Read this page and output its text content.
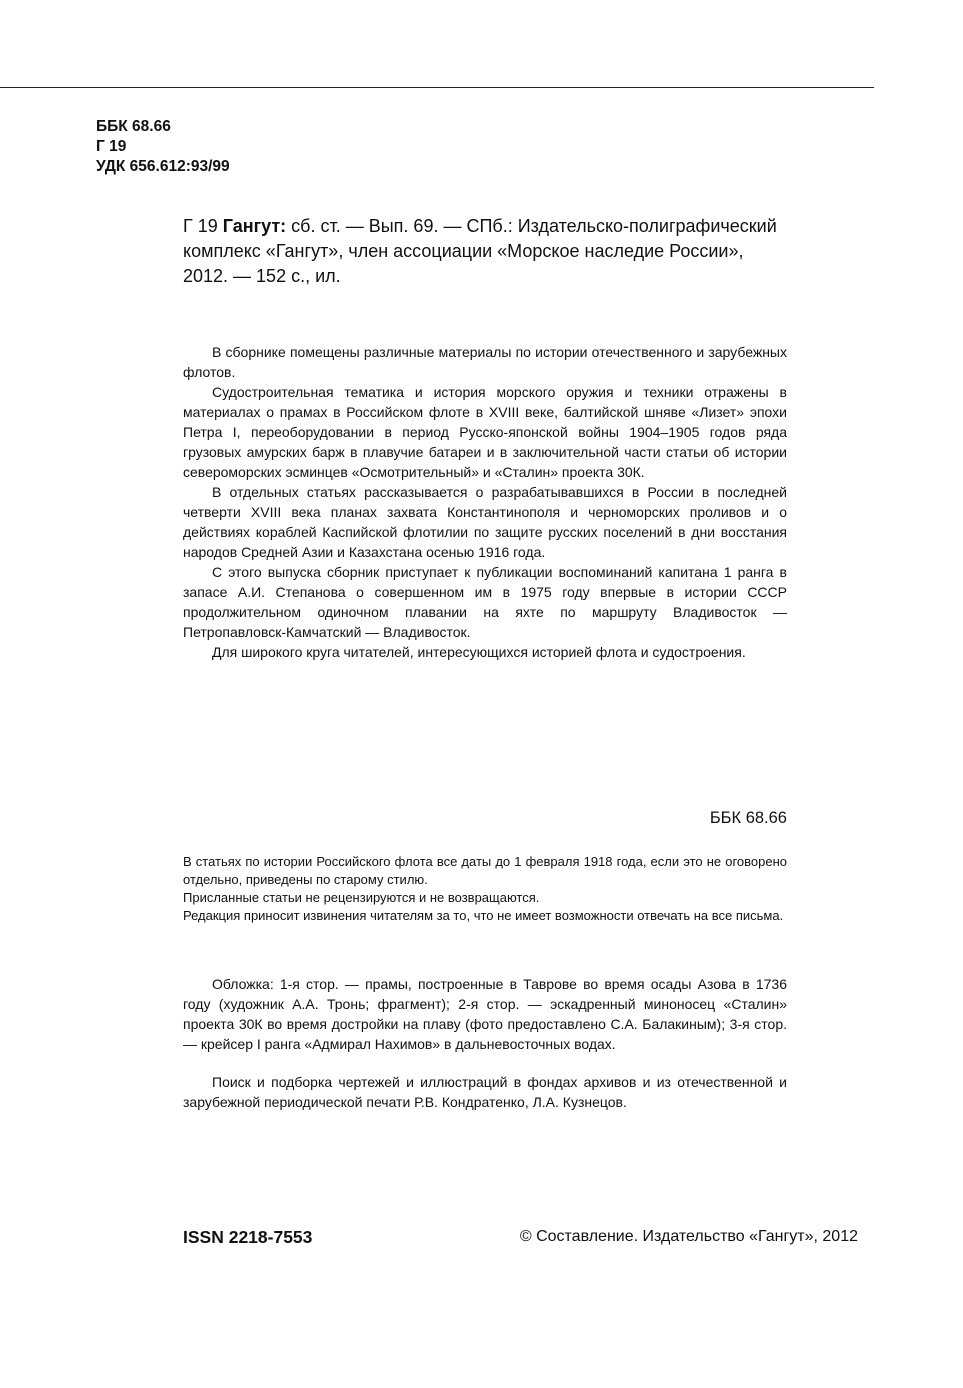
ББК 68.66
Г 19
УДК 656.612:93/99
Г 19 Гангут: сб. ст. — Вып. 69. — СПб.: Издательско-полиграфический комплекс «Гангут», член ассоциации «Морское наследие России», 2012. — 152 с., ил.

В сборнике помещены различные материалы по истории отечественного и зарубежных флотов.

Судостроительная тематика и история морского оружия и техники отражены в материалах о прамах в Российском флоте в XVIII веке, балтийской шняве «Лизет» эпохи Петра I, переоборудовании в период Русско-японской войны 1904–1905 годов ряда грузовых амурских барж в плавучие батареи и в заключительной части статьи об истории североморских эсминцев «Осмотрительный» и «Сталин» проекта 30К.

В отдельных статьях рассказывается о разрабатывавшихся в России в последней четверти XVIII века планах захвата Константинополя и черноморских проливов и о действиях кораблей Каспийской флотилии по защите русских поселений в дни восстания народов Средней Азии и Казахстана осенью 1916 года.

С этого выпуска сборник приступает к публикации воспоминаний капитана 1 ранга в запасе А.И. Степанова о совершенном им в 1975 году впервые в истории СССР продолжительном одиночном плавании на яхте по маршруту Владивосток — Петропавловск-Камчатский — Владивосток.

Для широкого круга читателей, интересующихся историей флота и судостроения.

ББК 68.66

В статьях по истории Российского флота все даты до 1 февраля 1918 года, если это не оговорено отдельно, приведены по старому стилю.

Присланные статьи не рецензируются и не возвращаются.

Редакция приносит извинения читателям за то, что не имеет возможности отвечать на все письма.

Обложка: 1-я стор. — прамы, построенные в Таврове во время осады Азова в 1736 году (художник А.А. Тронь; фрагмент); 2-я стор. — эскадренный миноносец «Сталин» проекта 30К во время достройки на плаву (фото предоставлено С.А. Балакиным); 3-я стор. — крейсер I ранга «Адмирал Нахимов» в дальневосточных водах.

Поиск и подборка чертежей и иллюстраций в фондах архивов и из отечественной и зарубежной периодической печати Р.В. Кондратенко, Л.А. Кузнецов.

ISSN 2218-7553	© Составление. Издательство «Гангут», 2012
